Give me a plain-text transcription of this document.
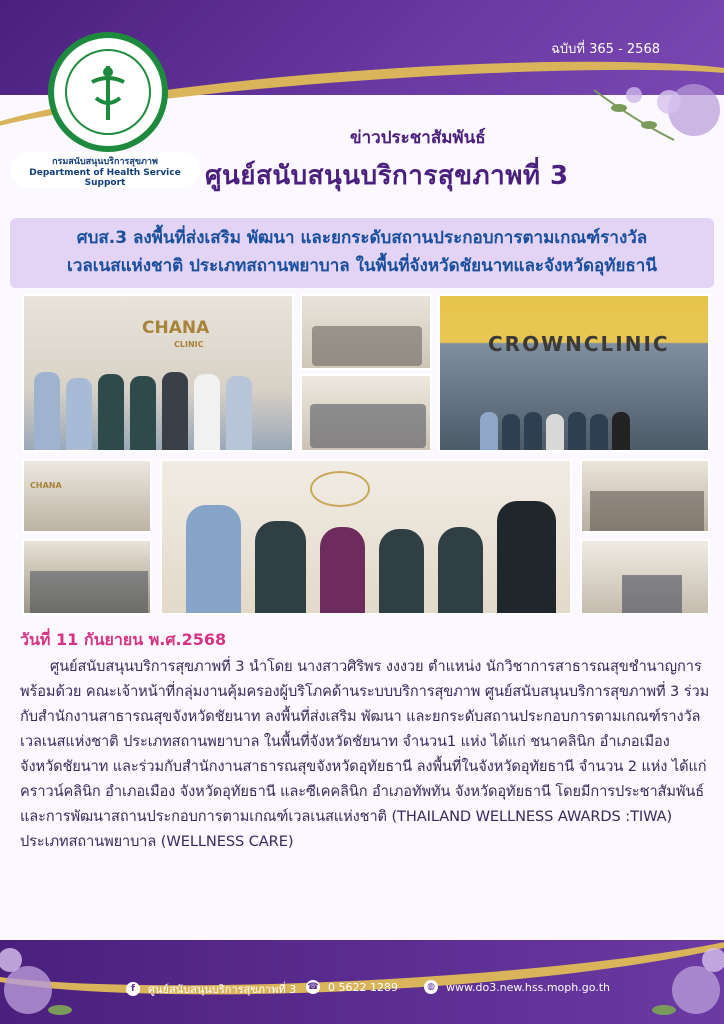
ฉบับที่ 365 - 2568
กรมสนับสนุนบริการสุขภาพ
Department of Health Service Support
ข่าวประชาสัมพันธ์
ศูนย์สนับสนุนบริการสุขภาพที่ 3
ศบส.3 ลงพื้นที่ส่งเสริม พัฒนา และยกระดับสถานประกอบการตามเกณฑ์รางวัล
เวลเนสแห่งชาติ ประเภทสถานพยาบาล ในพื้นที่จังหวัดชัยนาทและจังหวัดอุทัยธานี
CHANA
CLINIC	CROWNCLINIC
CHANA
วันที่ 11 กันยายน พ.ศ.2568
ศูนย์สนับสนุนบริการสุขภาพที่ 3 นำโดย นางสาวศิริพร งงงวย ตำแหน่ง นักวิชาการสาธารณสุขชำนาญการ พร้อมด้วย คณะเจ้าหน้าที่กลุ่มงานคุ้มครองผู้บริโภคด้านระบบบริการสุขภาพ ศูนย์สนับสนุนบริการสุขภาพที่ 3 ร่วมกับสำนักงานสาธารณสุขจังหวัดชัยนาท ลงพื้นที่ส่งเสริม พัฒนา และยกระดับสถานประกอบการตามเกณฑ์รางวัลเวลเนสแห่งชาติ ประเภทสถานพยาบาล ในพื้นที่จังหวัดชัยนาท จำนวน1 แห่ง ได้แก่ ชนาคลินิก อำเภอเมือง จังหวัดชัยนาท และร่วมกับสำนักงานสาธารณสุขจังหวัดอุทัยธานี ลงพื้นที่ในจังหวัดอุทัยธานี จำนวน 2 แห่ง ได้แก่ คราวน์คลินิก อำเภอเมือง จังหวัดอุทัยธานี และซีเคคลินิก อำเภอทัพทัน จังหวัดอุทัยธานี โดยมีการประชาสัมพันธ์ และการพัฒนาสถานประกอบการตามเกณฑ์เวลเนสแห่งชาติ (THAILAND WELLNESS AWARDS :TIWA) ประเภทสถานพยาบาล (WELLNESS CARE)
f	ศูนย์สนับสนุนบริการสุขภาพที่ 3 ☎ 0 5622 1289	◍ www.do3.new.hss.moph.go.th
